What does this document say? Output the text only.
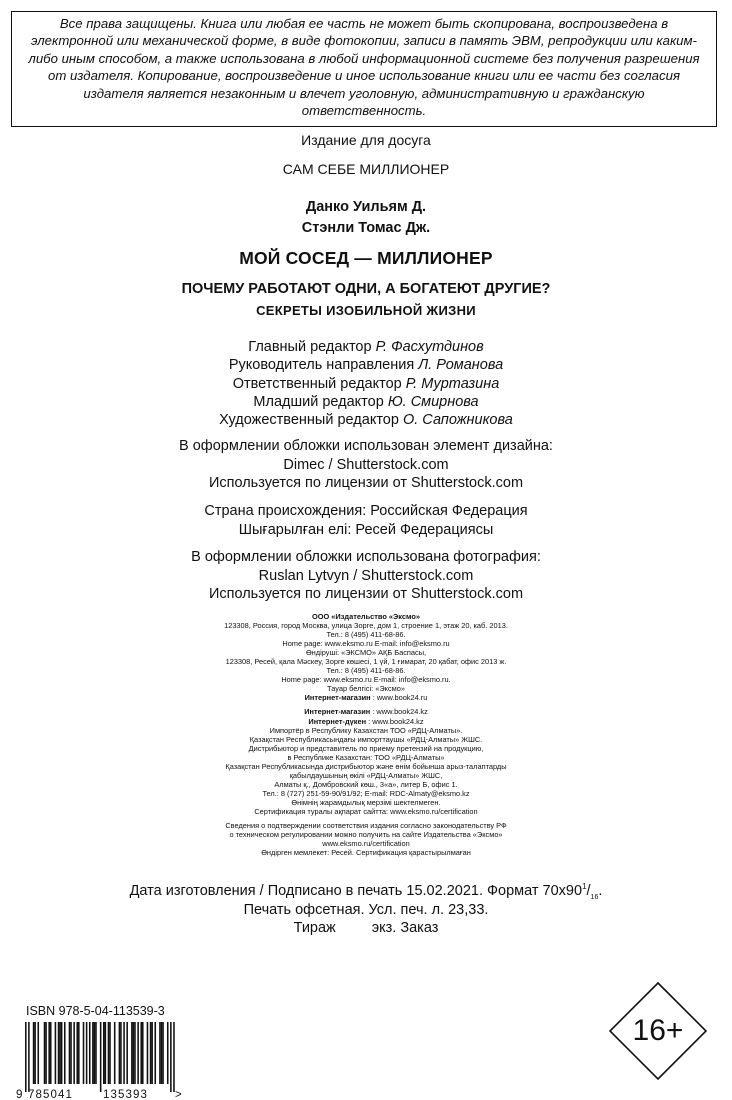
Все права защищены. Книга или любая ее часть не может быть скопирована, воспроизведена в электронной или механической форме, в виде фотокопии, записи в память ЭВМ, репродукции или каким-либо иным способом, а также использована в любой информационной системе без получения разрешения от издателя. Копирование, воспроизведение и иное использование книги или ее части без согласия издателя является незаконным и влечет уголовную, административную и гражданскую ответственность.
Издание для досуга
САМ СЕБЕ МИЛЛИОНЕР
Данко Уильям Д.
Стэнли Томас Дж.
МОЙ СОСЕД — МИЛЛИОНЕР
ПОЧЕМУ РАБОТАЮТ ОДНИ, А БОГАТЕЮТ ДРУГИЕ?
СЕКРЕТЫ ИЗОБИЛЬНОЙ ЖИЗНИ
Главный редактор Р. Фасхутдинов
Руководитель направления Л. Романова
Ответственный редактор Р. Муртазина
Младший редактор Ю. Смирнова
Художественный редактор О. Сапожникова
В оформлении обложки использован элемент дизайна:
Dimec / Shutterstock.com
Используется по лицензии от Shutterstock.com
Страна происхождения: Российская Федерация
Шығарылған елі: Ресей Федерациясы
В оформлении обложки использована фотография:
Ruslan Lytvyn / Shutterstock.com
Используется по лицензии от Shutterstock.com
ООО «Издательство «Эксмо»
123308, Россия, город Москва, улица Зорге, дом 1, строение 1, этаж 20, каб. 2013.
Тел.: 8 (495) 411-68-86.
Home page: www.eksmo.ru E-mail: info@eksmo.ru
Өндіруші: «ЭКСМО» АҚБ Баспасы,
123308, Ресей, қала Мәскеу, Зорге көшесі, 1 үй, 1 ғимарат, 20 қабат, офис 2013 ж.
Тел.: 8 (495) 411-68-86.
Home page: www.eksmo.ru E-mail: info@eksmo.ru.
Тауар белгісі: «Эксмо»
Интернет-магазин : www.book24.ru
Интернет-магазин : www.book24.kz
Интернет-дүкен : www.book24.kz
Импортёр в Республику Казахстан ТОО «РДЦ-Алматы».
Қазақстан Республикасындағы импорттаушы «РДЦ-Алматы» ЖШС.
Дистрибьютор и представитель по приему претензий на продукцию,
в Республике Казахстан: ТОО «РДЦ-Алматы»
Қазақстан Республикасында дистрибьютор және өнім бойынша арыз-талаптарды
қабылдаушының өкілі «РДЦ-Алматы» ЖШС,
Алматы қ., Домбровский көш., 3«а», литер Б, офис 1.
Тел.: 8 (727) 251-59-90/91/92; E-mail: RDC-Almaty@eksmo.kz
Өнімнің жарамдылық мерзімі шектелмеген.
Сертификация туралы ақпарат сайтта: www.eksmo.ru/certification
Сведения о подтверждении соответствия издания согласно законодательству РФ
о техническом регулировании можно получить на сайте Издательства «Эксмо»
www.eksmo.ru/certification
Өндірген мемлекет: Ресей. Сертификация қарастырылмаған
Дата изготовления / Подписано в печать 15.02.2021. Формат $70x90^1/_{16}$.
Печать офсетная. Усл. печ. л. 23,33.
Тираж экз. Заказ
ISBN 978-5-04-113539-3
9 785041	135393 >
16+
